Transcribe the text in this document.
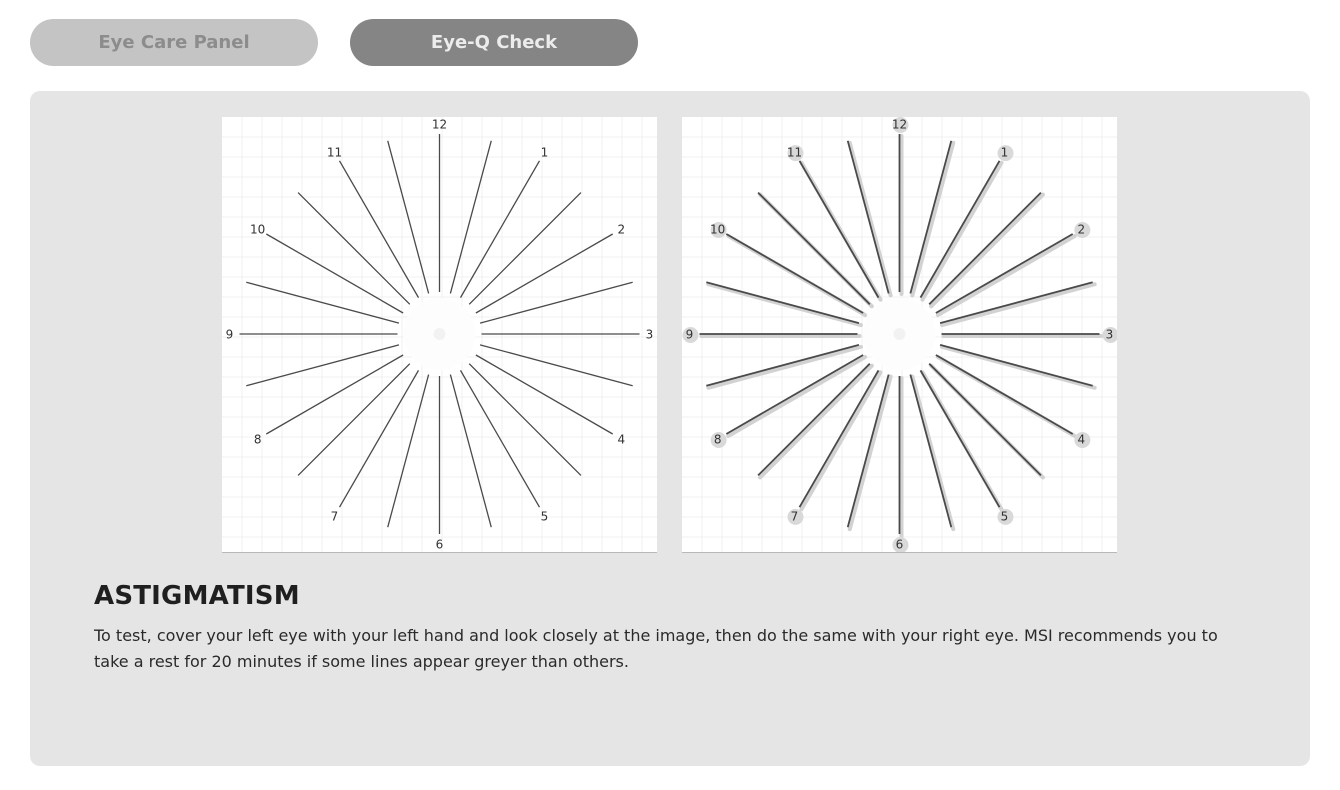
Eye Care Panel	Eye-Q Check
12
1
2
3
4
5
6
7
8
9
10
11
12
1
2
3
4
5
6
7
8
9
10
11
ASTIGMATISM

To test, cover your left eye with your left hand and look closely at the image, then do the same with your right eye. MSI recommends you to take a rest for 20 minutes if some lines appear greyer than others.
